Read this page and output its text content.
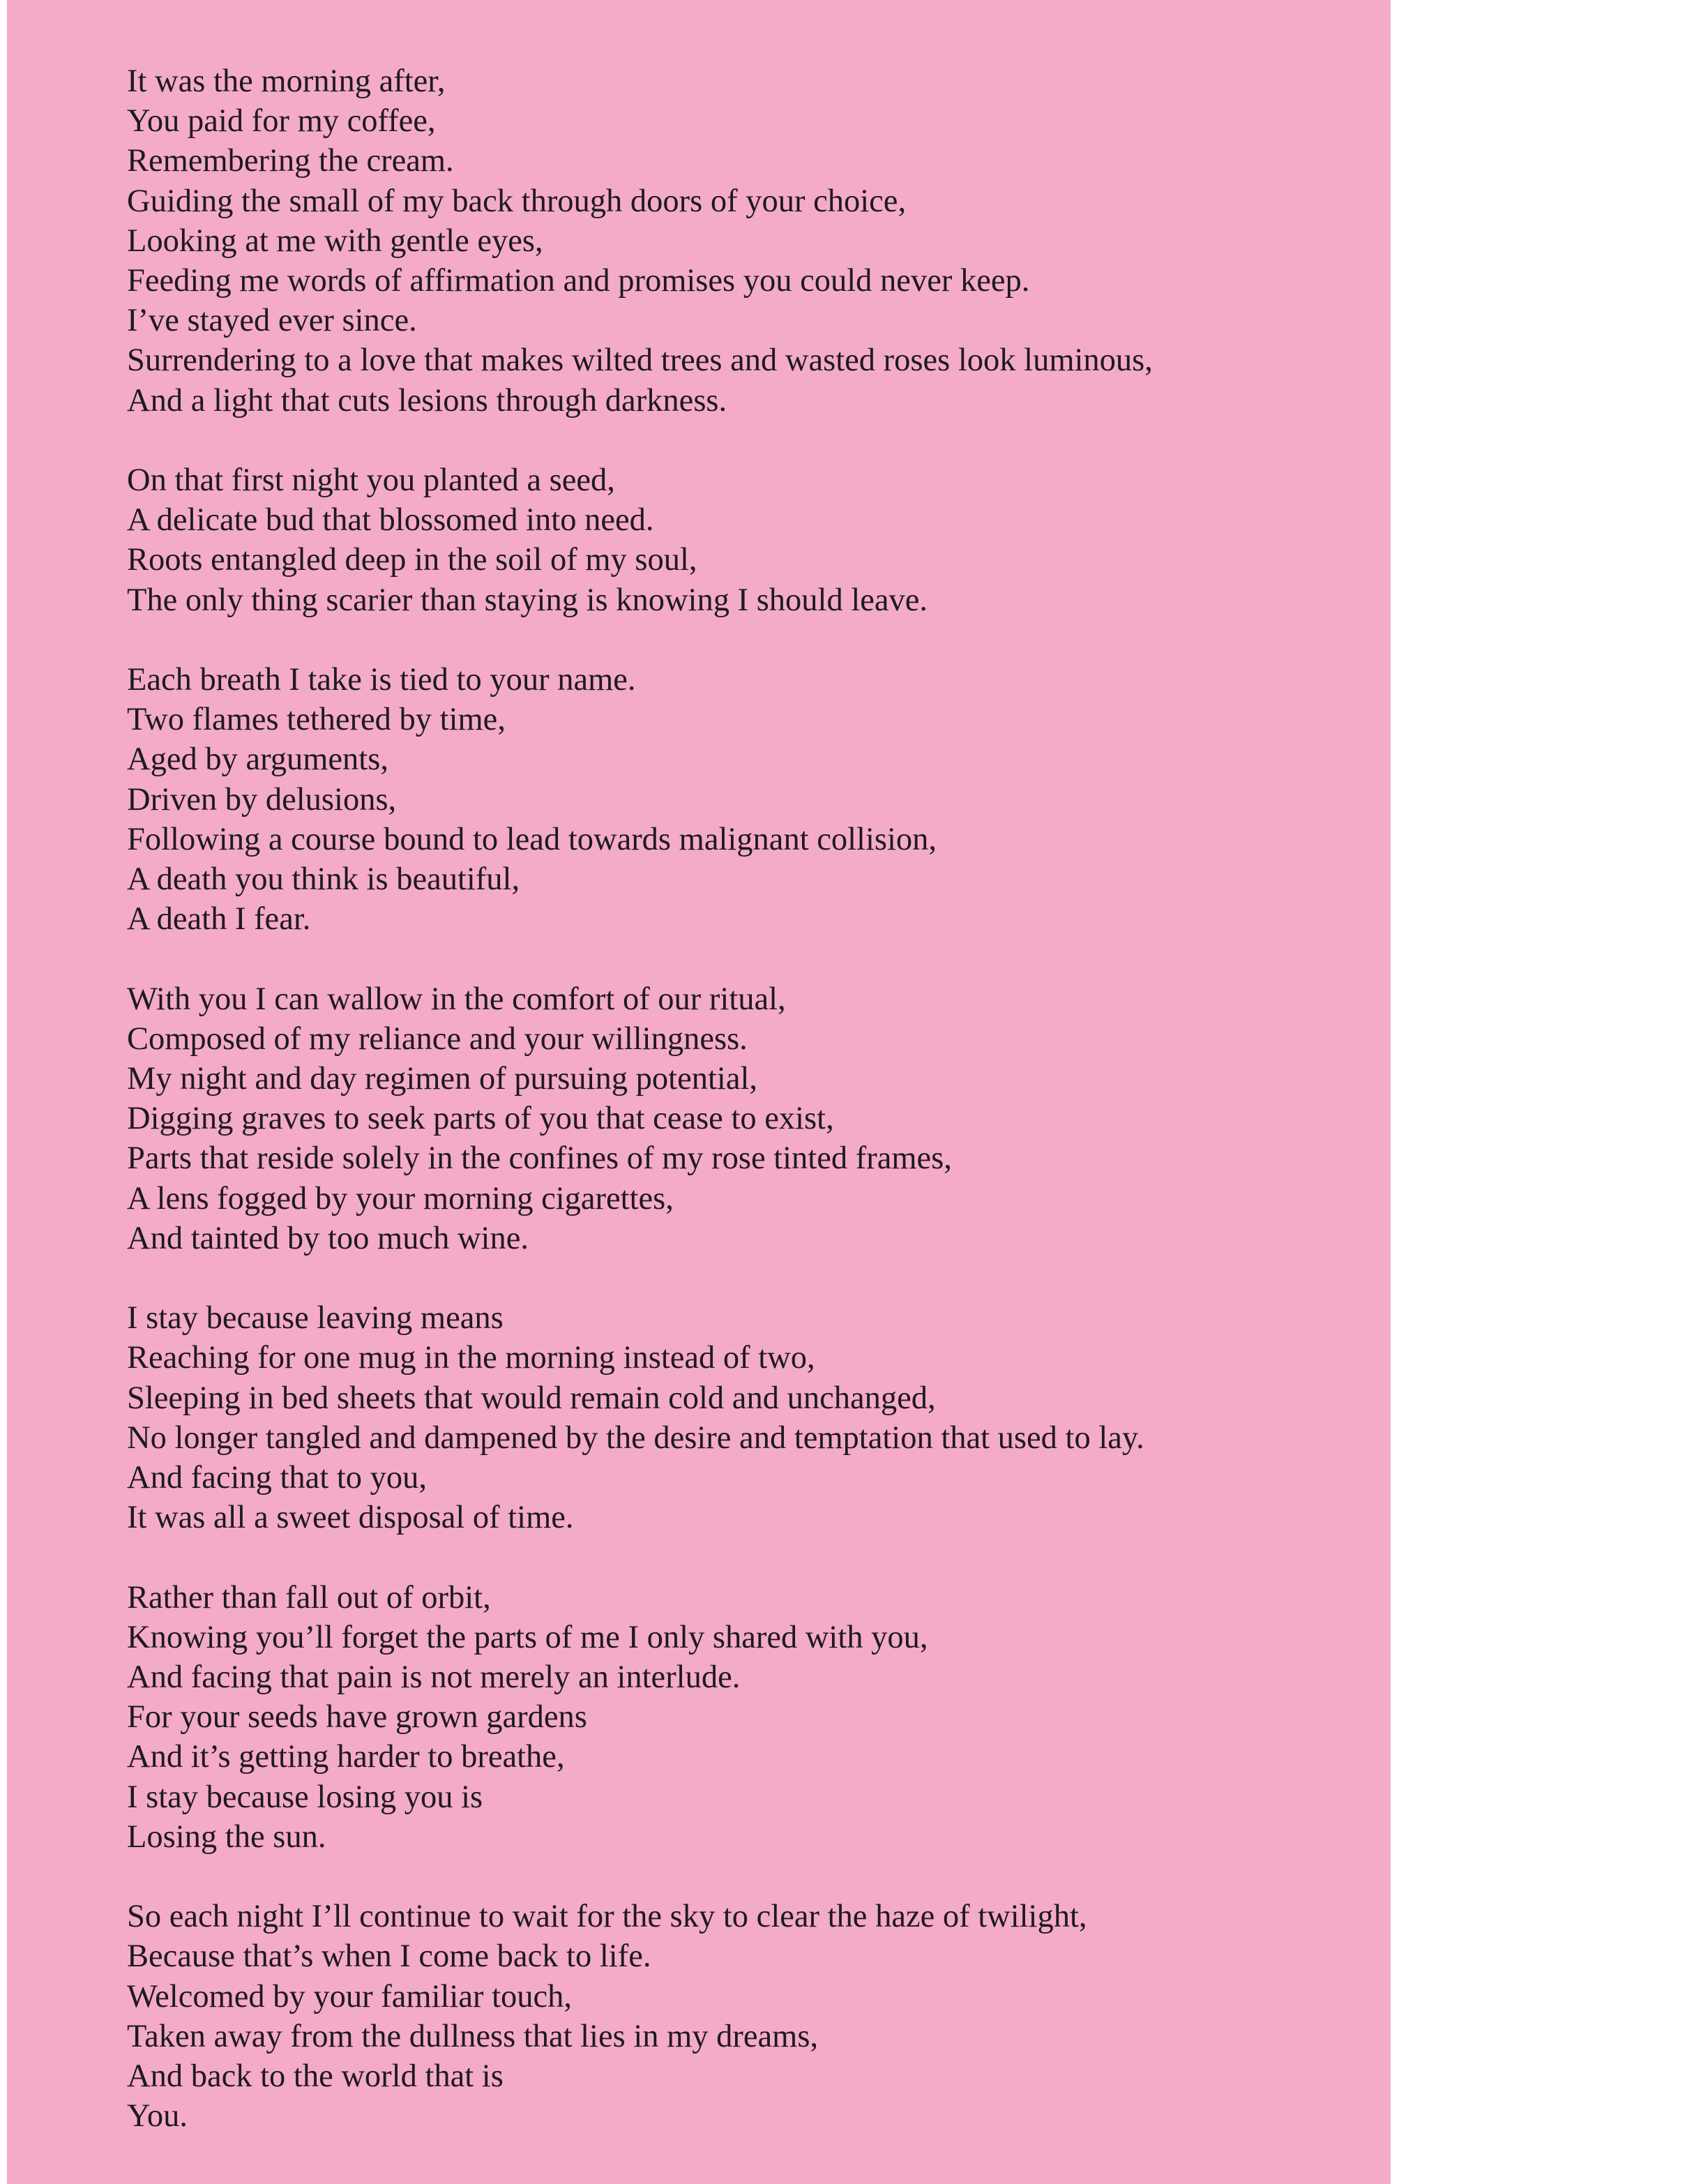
It was the morning after,
You paid for my coffee,
Remembering the cream.
Guiding the small of my back through doors of your choice,
Looking at me with gentle eyes,
Feeding me words of affirmation and promises you could never keep.
I’ve stayed ever since.
Surrendering to a love that makes wilted trees and wasted roses look luminous,
And a light that cuts lesions through darkness.
On that first night you planted a seed,
A delicate bud that blossomed into need.
Roots entangled deep in the soil of my soul,
The only thing scarier than staying is knowing I should leave.
Each breath I take is tied to your name.
Two flames tethered by time,
Aged by arguments,
Driven by delusions,
Following a course bound to lead towards malignant collision,
A death you think is beautiful,
A death I fear.
With you I can wallow in the comfort of our ritual,
Composed of my reliance and your willingness.
My night and day regimen of pursuing potential,
Digging graves to seek parts of you that cease to exist,
Parts that reside solely in the confines of my rose tinted frames,
A lens fogged by your morning cigarettes,
And tainted by too much wine.
I stay because leaving means
Reaching for one mug in the morning instead of two,
Sleeping in bed sheets that would remain cold and unchanged,
No longer tangled and dampened by the desire and temptation that used to lay.
And facing that to you,
It was all a sweet disposal of time.
Rather than fall out of orbit,
Knowing you’ll forget the parts of me I only shared with you,
And facing that pain is not merely an interlude.
For your seeds have grown gardens
And it’s getting harder to breathe,
I stay because losing you is
Losing the sun.
So each night I’ll continue to wait for the sky to clear the haze of twilight,
Because that’s when I come back to life.
Welcomed by your familiar touch,
Taken away from the dullness that lies in my dreams,
And back to the world that is
You.
